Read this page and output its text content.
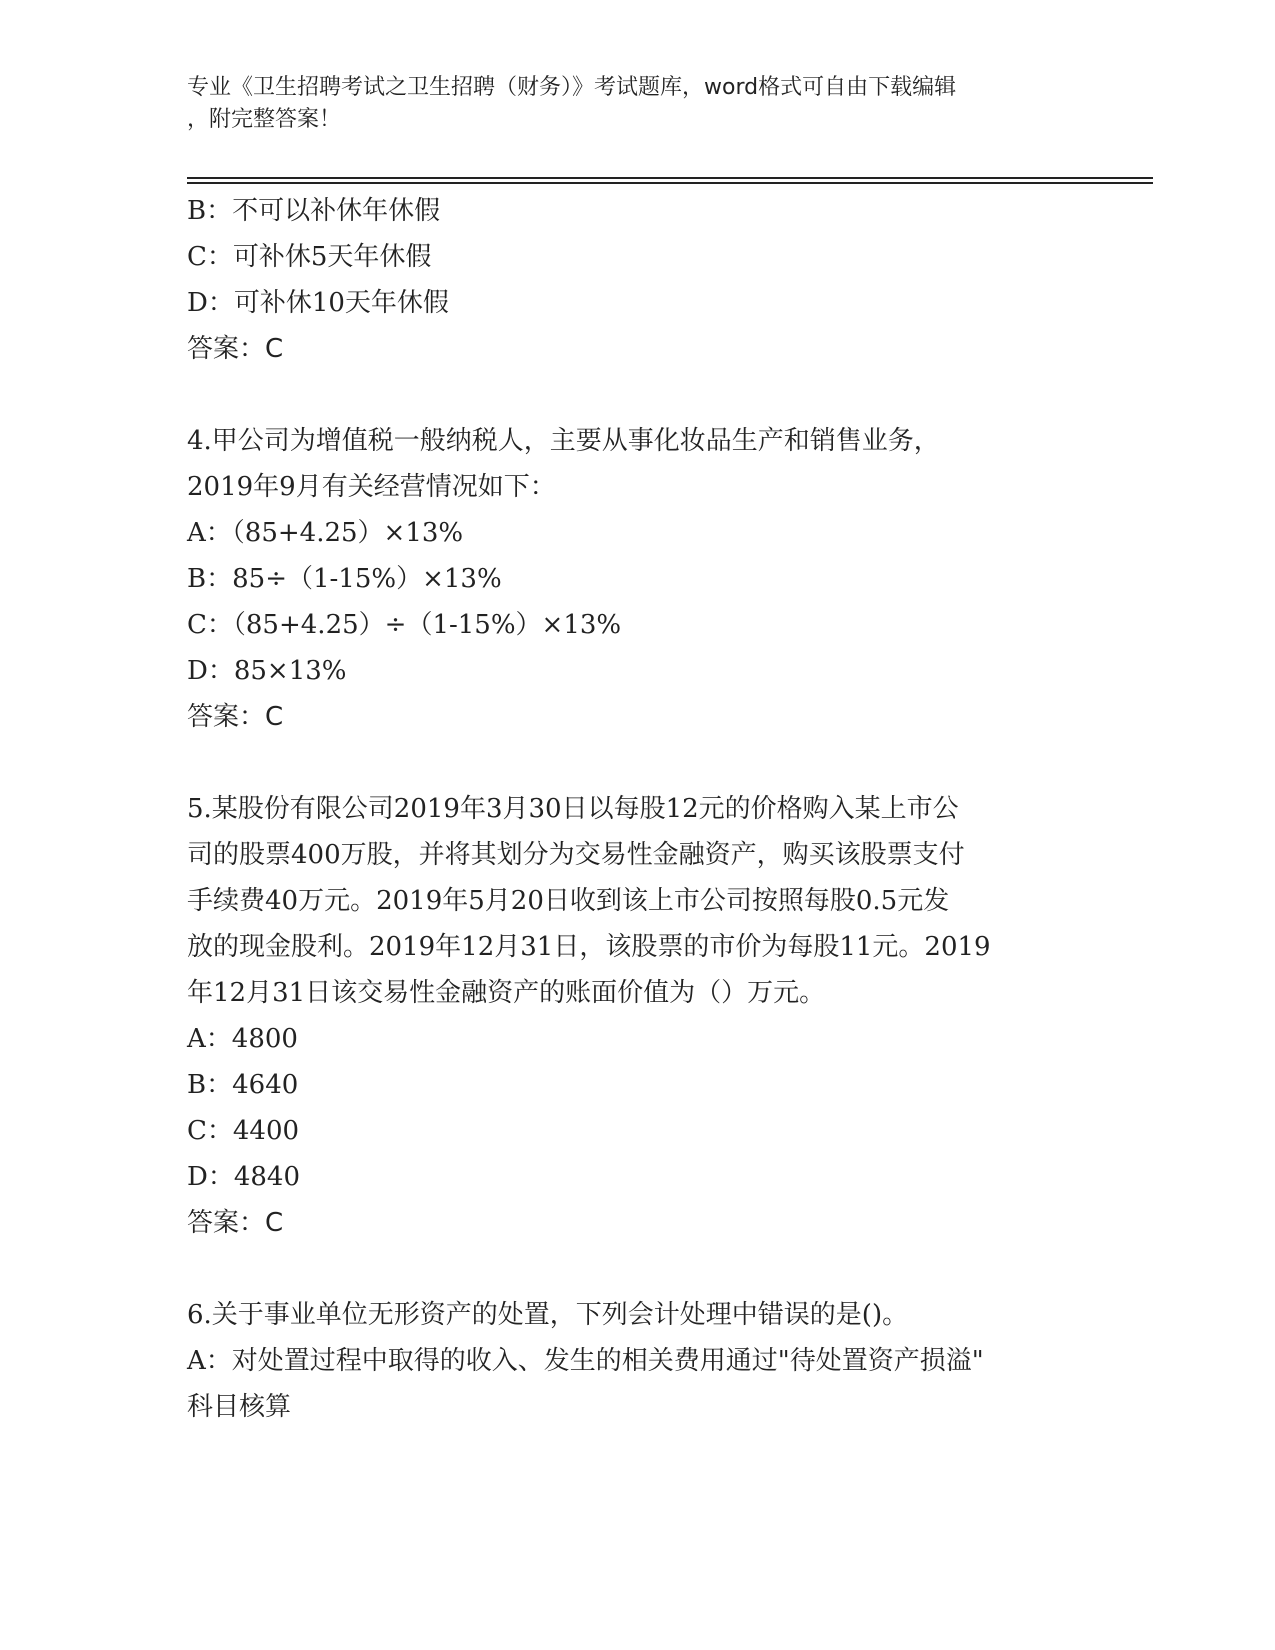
专业《卫生招聘考试之卫生招聘（财务）》考试题库，word格式可自由下载编辑
，附完整答案！
B：不可以补休年休假
C：可补休5天年休假
D：可补休10天年休假
答案：C
4.甲公司为增值税一般纳税人，主要从事化妆品生产和销售业务，
2019年9月有关经营情况如下：
A：（85+4.25）×13%
B：85÷（1-15%）×13%
C：（85+4.25）÷（1-15%）×13%
D：85×13%
答案：C
5.某股份有限公司2019年3月30日以每股12元的价格购入某上市公
司的股票400万股，并将其划分为交易性金融资产，购买该股票支付
手续费40万元。2019年5月20日收到该上市公司按照每股0.5元发
放的现金股利。2019年12月31日，该股票的市价为每股11元。2019
年12月31日该交易性金融资产的账面价值为（）万元。
A：4800
B：4640
C：4400
D：4840
答案：C
6.关于事业单位无形资产的处置，下列会计处理中错误的是()。
A：对处置过程中取得的收入、发生的相关费用通过"待处置资产损溢"
科目核算
